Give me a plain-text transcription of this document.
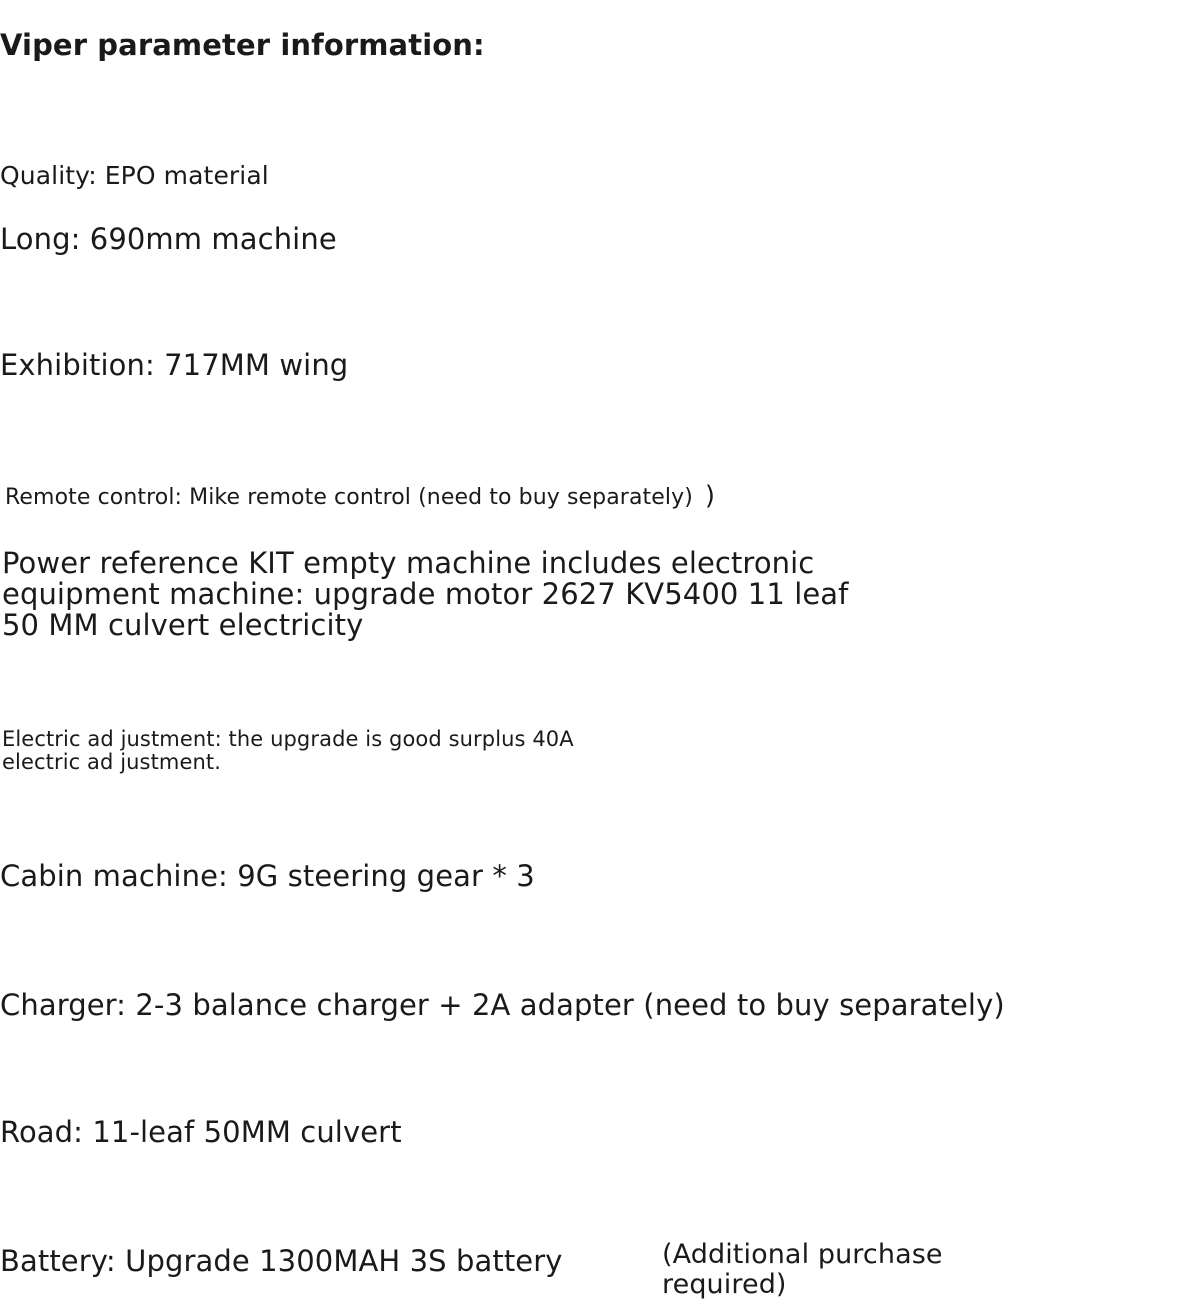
Viper parameter information:

Quality: EPO material

Long: 690mm machine

Exhibition: 717MM wing

Remote control: Mike remote control (need to buy separately) )

Power reference KIT empty machine includes electronic equipment machine: upgrade motor 2627 KV5400 11 leaf 50 MM culvert electricity

Electric ad justment: the upgrade is good surplus 40A electric ad justment.

Cabin machine: 9G steering gear * 3

Charger: 2-3 balance charger + 2A adapter (need to buy separately)

Road: 11-leaf 50MM culvert

Battery: Upgrade 1300MAH 3S battery	(Additional purchase required)
